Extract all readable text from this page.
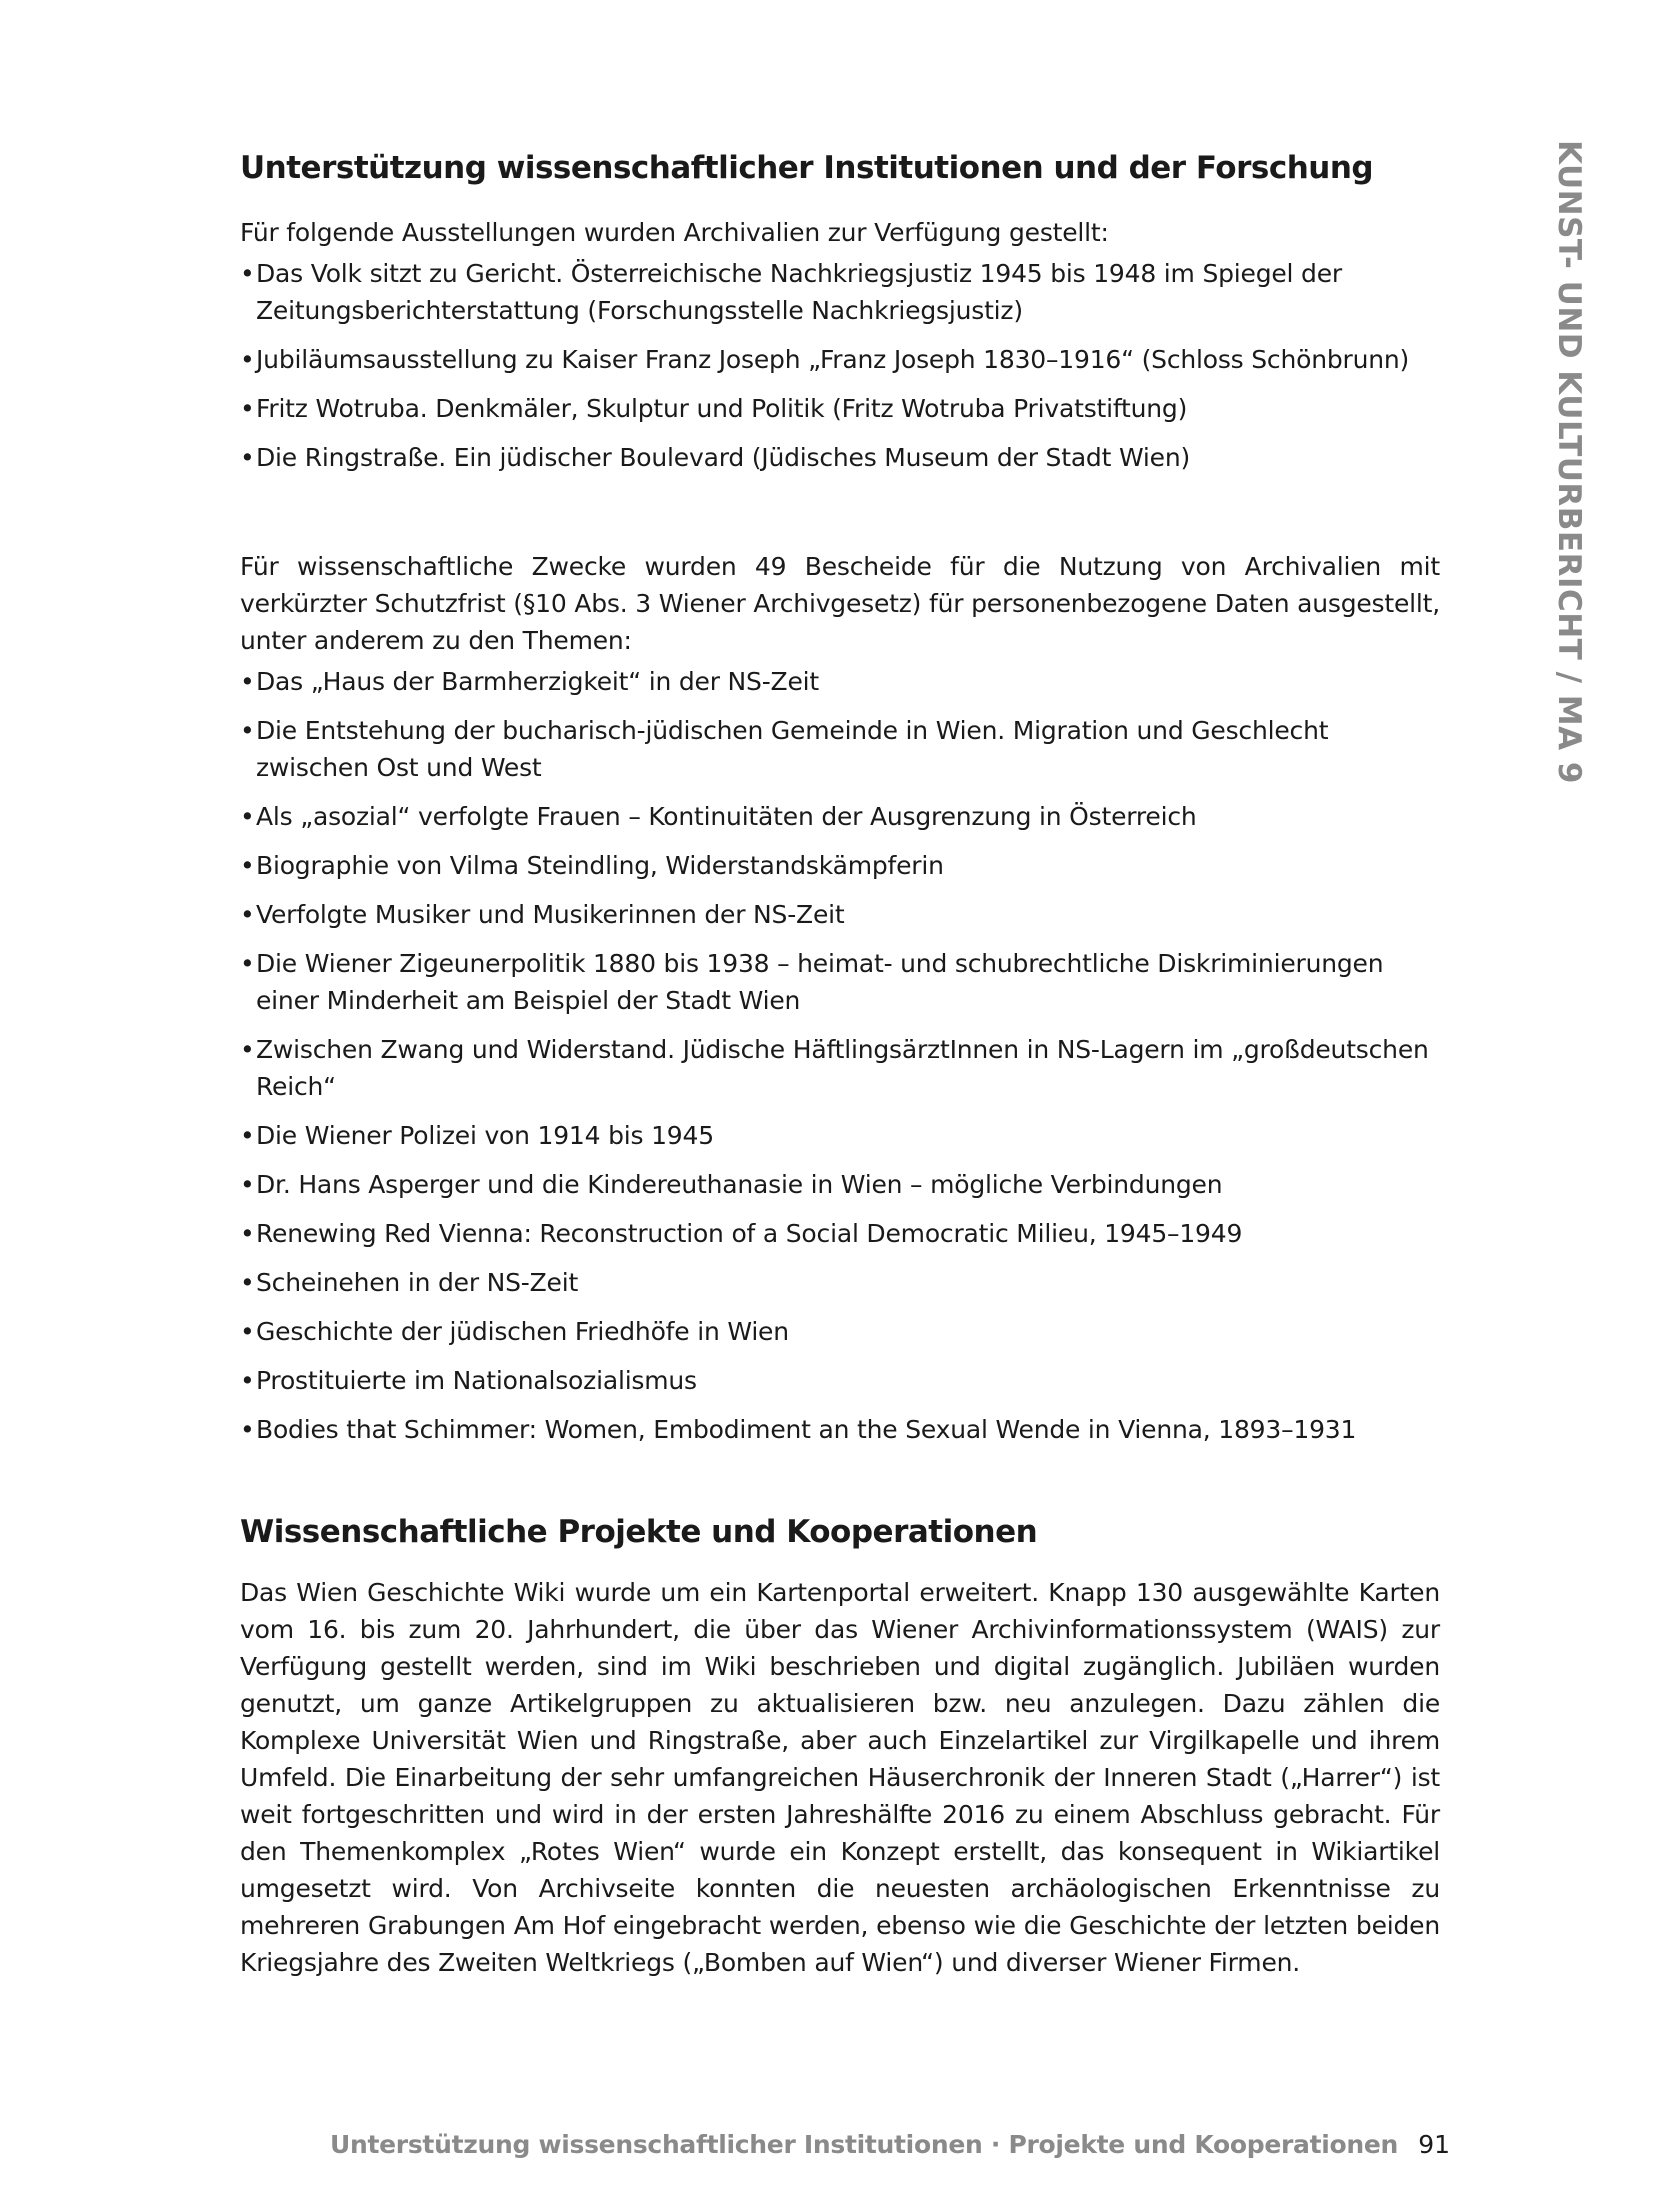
KUNST- UND KULTURBERICHT / MA 9
Unterstützung wissenschaftlicher Institutionen und der Forschung

Für folgende Ausstellungen wurden Archivalien zur Verfügung gestellt:

•Das Volk sitzt zu Gericht. Österreichische Nachkriegsjustiz 1945 bis 1948 im Spiegel der Zeitungsberichterstattung (Forschungsstelle Nachkriegsjustiz)
•Jubiläumsausstellung zu Kaiser Franz Joseph „Franz Joseph 1830–1916“ (Schloss Schönbrunn)
•Fritz Wotruba. Denkmäler, Skulptur und Politik (Fritz Wotruba Privatstiftung)
•Die Ringstraße. Ein jüdischer Boulevard (Jüdisches Museum der Stadt Wien)

Für wissenschaftliche Zwecke wurden 49 Bescheide für die Nutzung von Archivalien mit verkürzter Schutzfrist (§10 Abs. 3 Wiener Archivgesetz) für personenbezogene Daten ausgestellt, unter anderem zu den Themen:

•Das „Haus der Barmherzigkeit“ in der NS-Zeit
•Die Entstehung der bucharisch-jüdischen Gemeinde in Wien. Migration und Geschlecht zwischen Ost und West
•Als „asozial“ verfolgte Frauen – Kontinuitäten der Ausgrenzung in Österreich
•Biographie von Vilma Steindling, Widerstandskämpferin
•Verfolgte Musiker und Musikerinnen der NS-Zeit
•Die Wiener Zigeunerpolitik 1880 bis 1938 – heimat- und schubrechtliche Diskriminierungen einer Minderheit am Beispiel der Stadt Wien
•Zwischen Zwang und Widerstand. Jüdische HäftlingsärztInnen in NS-Lagern im „großdeutschen Reich“
•Die Wiener Polizei von 1914 bis 1945
•Dr. Hans Asperger und die Kindereuthanasie in Wien – mögliche Verbindungen
•Renewing Red Vienna: Reconstruction of a Social Democratic Milieu, 1945–1949
•Scheinehen in der NS-Zeit
•Geschichte der jüdischen Friedhöfe in Wien
•Prostituierte im Nationalsozialismus
•Bodies that Schimmer: Women, Embodiment an the Sexual Wende in Vienna, 1893–1931
Wissenschaftliche Projekte und Kooperationen

Das Wien Geschichte Wiki wurde um ein Kartenportal erweitert. Knapp 130 ausgewählte Karten vom 16. bis zum 20. Jahrhundert, die über das Wiener Archivinformationssystem (WAIS) zur Verfügung gestellt werden, sind im Wiki beschrieben und digital zugänglich. Jubiläen wurden genutzt, um ganze Artikelgruppen zu aktualisieren bzw. neu anzulegen. Dazu zählen die Komplexe Universität Wien und Ringstraße, aber auch Einzelartikel zur Virgilkapelle und ihrem Umfeld. Die Einarbeitung der sehr umfangreichen Häuserchronik der Inneren Stadt („Harrer“) ist weit fortgeschritten und wird in der ersten Jahreshälfte 2016 zu einem Abschluss gebracht. Für den Themenkomplex „Rotes Wien“ wurde ein Konzept erstellt, das konsequent in Wikiartikel umgesetzt wird. Von Archivseite konnten die neuesten archäologischen Erkenntnisse zu mehreren Grabungen Am Hof eingebracht werden, ebenso wie die Geschichte der letzten beiden Kriegsjahre des Zweiten Weltkriegs („Bomben auf Wien“) und diverser Wiener Firmen.

Unterstützung wissenschaftlicher Institutionen · Projekte und Kooperationen 91
